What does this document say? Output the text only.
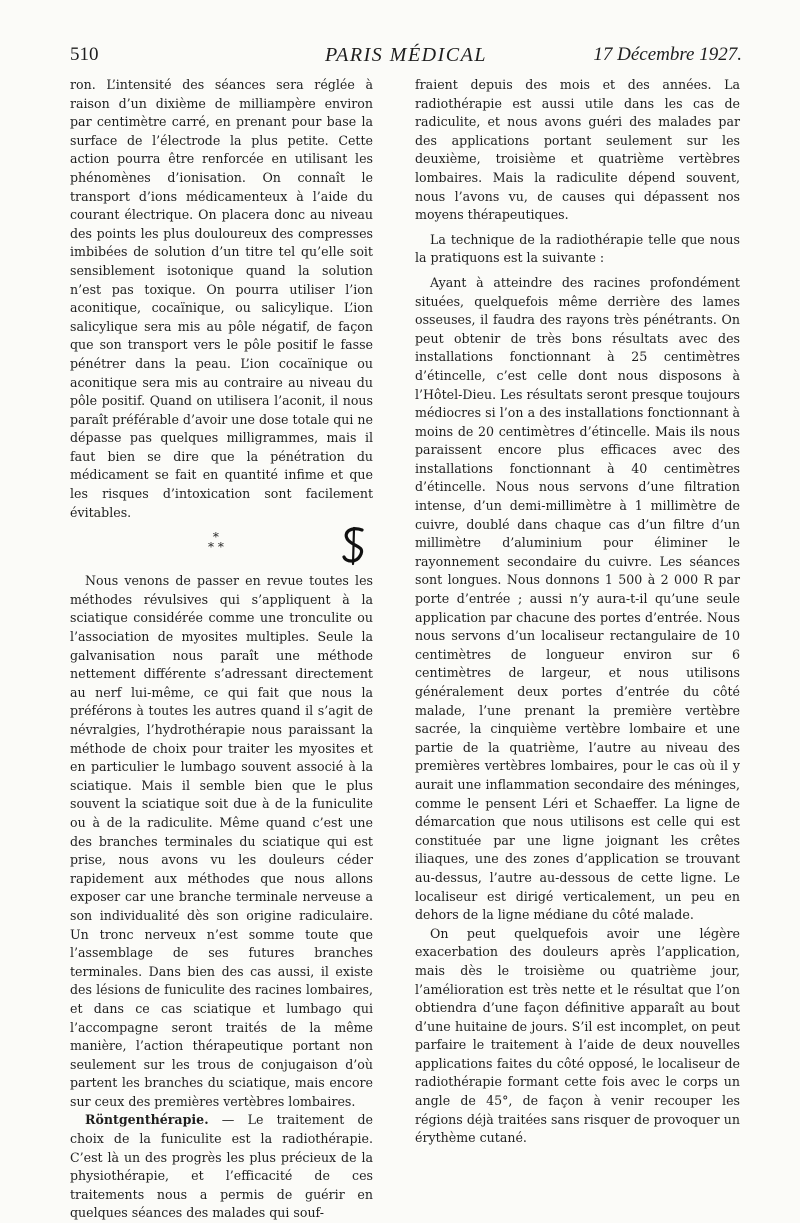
510	PARIS MÉDICAL	17 Décembre 1927.

ron. L’intensité des séances sera réglée à raison d’un dixième de milliampère environ par centimètre carré, en prenant pour base la surface de l’électrode la plus petite. Cette action pourra être renforcée en utilisant les phénomènes d’ionisation. On connaît le transport d’ions médicamenteux à l’aide du courant électrique. On placera donc au niveau des points les plus douloureux des compresses imbibées de solution d’un titre tel qu’elle soit sensiblement isotonique quand la solution n’est pas toxique. On pourra utiliser l’ion aconitique, cocaïnique, ou salicylique. L’ion salicylique sera mis au pôle négatif, de façon que son transport vers le pôle positif le fasse pénétrer dans la peau. L’ion cocaïnique ou aconitique sera mis au contraire au niveau du pôle positif. Quand on utilisera l’aconit, il nous paraît préférable d’avoir une dose totale qui ne dépasse pas quelques milligrammes, mais il faut bien se dire que la pénétration du médicament se fait en quantité infime et que les risques d’intoxication sont facilement évitables.

*
* *

Nous venons de passer en revue toutes les méthodes révulsives qui s’appliquent à la sciatique considérée comme une tronculite ou l’association de myosites multiples. Seule la galvanisation nous paraît une méthode nettement différente s’adressant directement au nerf lui-même, ce qui fait que nous la préférons à toutes les autres quand il s’agit de névralgies, l’hydrothérapie nous paraissant la méthode de choix pour traiter les myosites et en particulier le lumbago souvent associé à la sciatique. Mais il semble bien que le plus souvent la sciatique soit due à de la funiculite ou à de la radiculite. Même quand c’est une des branches terminales du sciatique qui est prise, nous avons vu les douleurs céder rapidement aux méthodes que nous allons exposer car une branche terminale nerveuse a son individualité dès son origine radiculaire. Un tronc nerveux n’est somme toute que l’assemblage de ses futures branches terminales. Dans bien des cas aussi, il existe des lésions de funiculite des racines lombaires, et dans ce cas sciatique et lumbago qui l’accompagne seront traités de la même manière, l’action thérapeutique portant non seulement sur les trous de conjugaison d’où partent les branches du sciatique, mais encore sur ceux des premières vertèbres lombaires.

Röntgenthérapie. — Le traitement de choix de la funiculite est la radiothérapie. C’est là un des progrès les plus précieux de la physiothérapie, et l’efficacité de ces traitements nous a permis de guérir en quelques séances des malades qui souf-

fraient depuis des mois et des années. La radiothérapie est aussi utile dans les cas de radiculite, et nous avons guéri des malades par des applications portant seulement sur les deuxième, troisième et quatrième vertèbres lombaires. Mais la radiculite dépend souvent, nous l’avons vu, de causes qui dépassent nos moyens thérapeutiques.

La technique de la radiothérapie telle que nous la pratiquons est la suivante :

Ayant à atteindre des racines profondément situées, quelquefois même derrière des lames osseuses, il faudra des rayons très pénétrants. On peut obtenir de très bons résultats avec des installations fonctionnant à 25 centimètres d’étincelle, c’est celle dont nous disposons à l’Hôtel-Dieu. Les résultats seront presque toujours médiocres si l’on a des installations fonctionnant à moins de 20 centimètres d’étincelle. Mais ils nous paraissent encore plus efficaces avec des installations fonctionnant à 40 centimètres d’étincelle. Nous nous servons d’une filtration intense, d’un demi-millimètre à 1 millimètre de cuivre, doublé dans chaque cas d’un filtre d’un millimètre d’aluminium pour éliminer le rayonnement secondaire du cuivre. Les séances sont longues. Nous donnons 1 500 à 2 000 R par porte d’entrée ; aussi n’y aura-t-il qu’une seule application par chacune des portes d’entrée. Nous nous servons d’un localiseur rectangulaire de 10 centimètres de longueur environ sur 6 centimètres de largeur, et nous utilisons généralement deux portes d’entrée du côté malade, l’une prenant la première vertèbre sacrée, la cinquième vertèbre lombaire et une partie de la quatrième, l’autre au niveau des premières vertèbres lombaires, pour le cas où il y aurait une inflammation secondaire des méninges, comme le pensent Léri et Schaeffer. La ligne de démarcation que nous utilisons est celle qui est constituée par une ligne joignant les crêtes iliaques, une des zones d’application se trouvant au-dessus, l’autre au-dessous de cette ligne. Le localiseur est dirigé verticalement, un peu en dehors de la ligne médiane du côté malade.

On peut quelquefois avoir une légère exacerbation des douleurs après l’application, mais dès le troisième ou quatrième jour, l’amélioration est très nette et le résultat que l’on obtiendra d’une façon définitive apparaît au bout d’une huitaine de jours. S’il est incomplet, on peut parfaire le traitement à l’aide de deux nouvelles applications faites du côté opposé, le localiseur de radiothérapie formant cette fois avec le corps un angle de 45°, de façon à venir recouper les régions déjà traitées sans risquer de provoquer un érythème cutané.
